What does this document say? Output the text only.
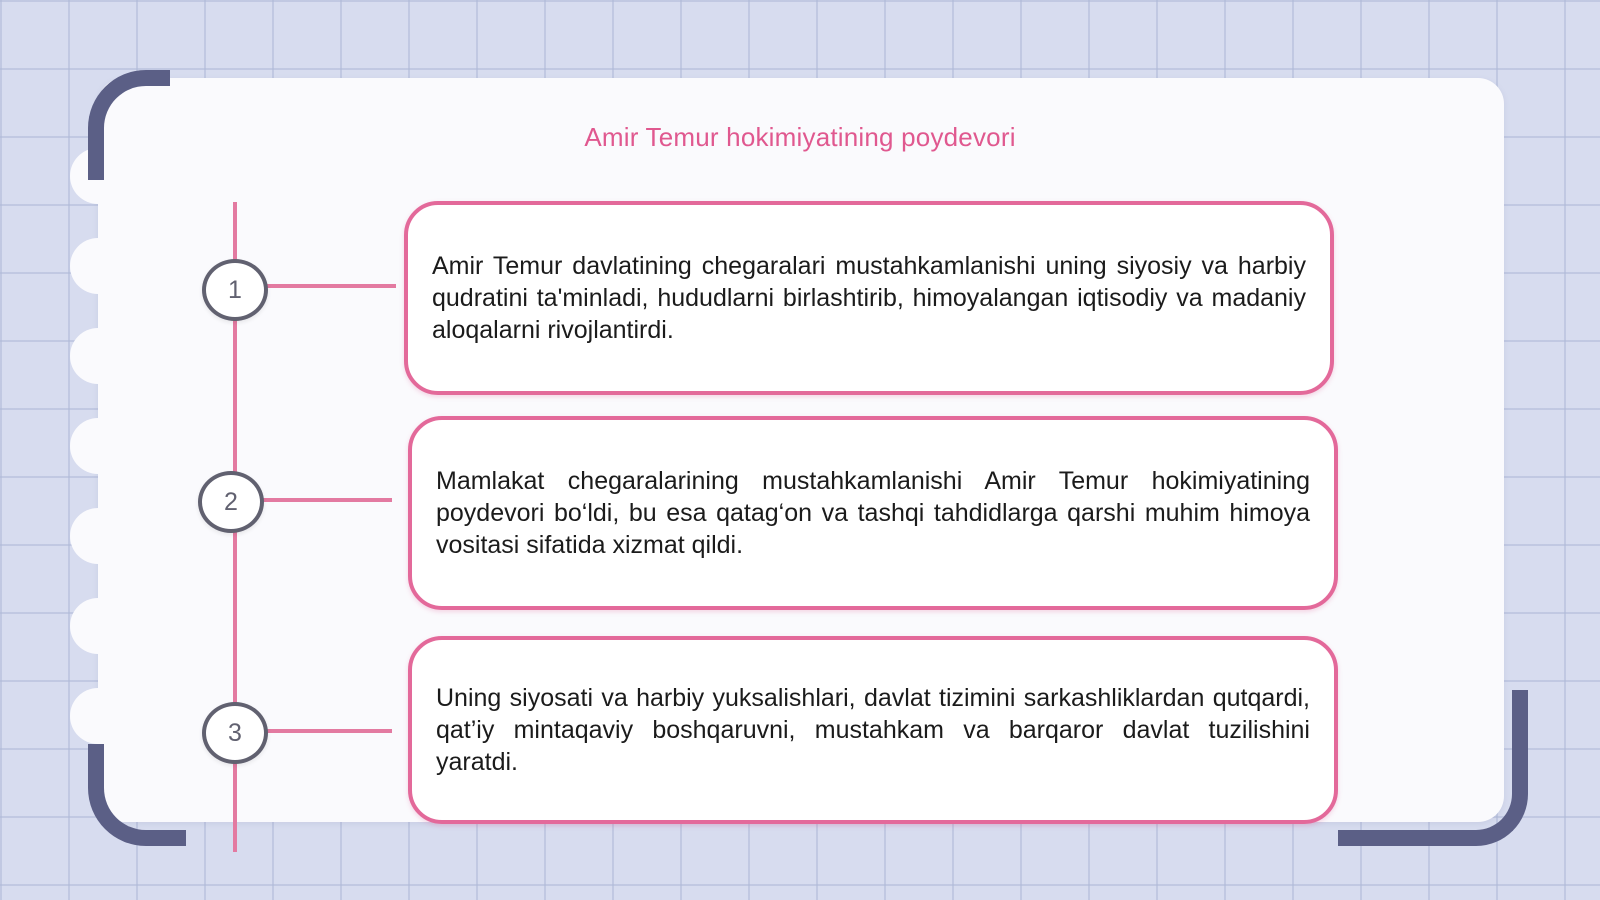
Amir Temur hokimiyatining poydevori
1
2
3
Amir Temur davlatining chegaralari mustahkamlanishi uning siyosiy va harbiy qudratini ta'minladi, hududlarni birlashtirib, himoyalangan iqtisodiy va madaniy aloqalarni rivojlantirdi.
Mamlakat chegaralarining mustahkamlanishi Amir Temur hokimiyatining poydevori bo‘ldi, bu esa qatag‘on va tashqi tahdidlarga qarshi muhim himoya vositasi sifatida xizmat qildi.
Uning siyosati va harbiy yuksalishlari, davlat tizimini sarkashliklardan qutqardi, qat’iy mintaqaviy boshqaruvni, mustahkam va barqaror davlat tuzilishini yaratdi.
